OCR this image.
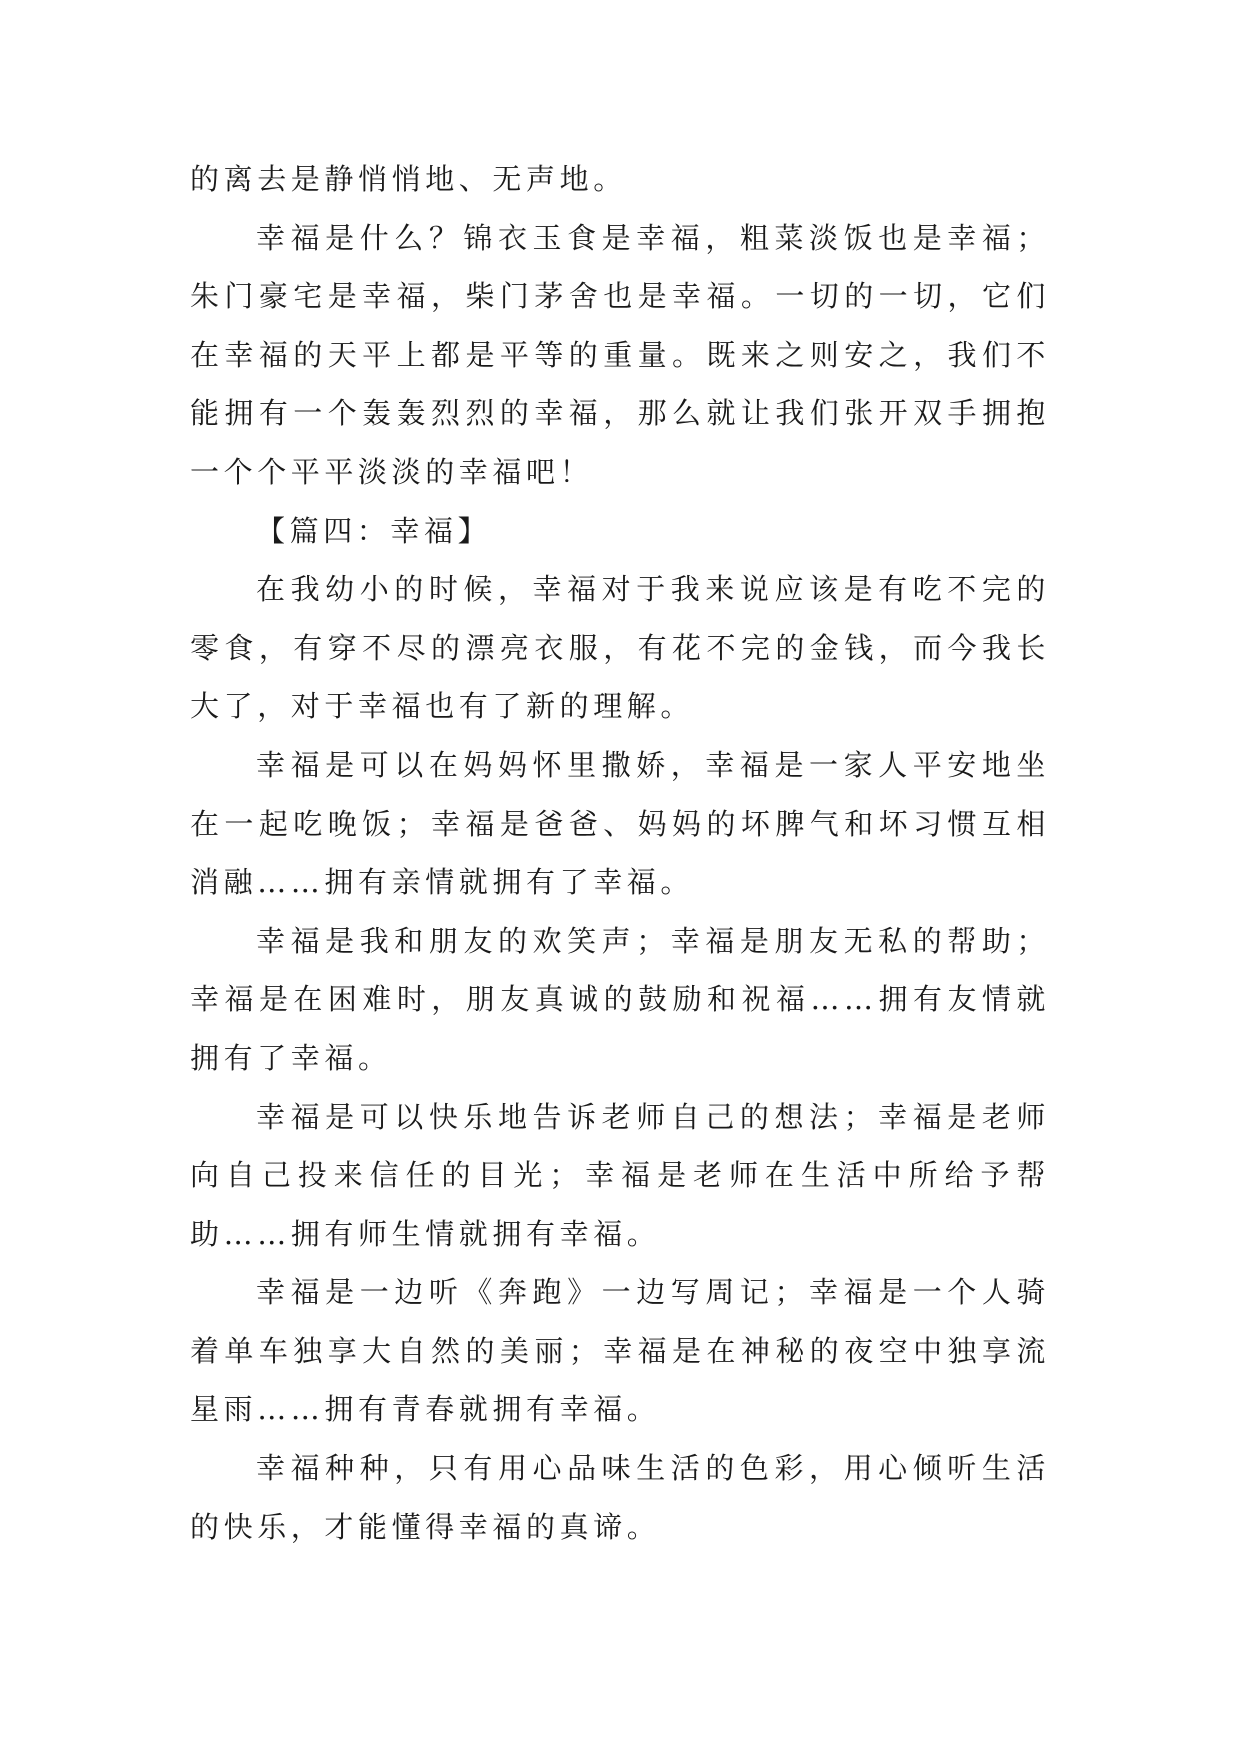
的离去是静悄悄地、无声地。

幸福是什么？锦衣玉食是幸福，粗菜淡饭也是幸福；朱门豪宅是幸福，柴门茅舍也是幸福。一切的一切，它们在幸福的天平上都是平等的重量。既来之则安之，我们不能拥有一个轰轰烈烈的幸福，那么就让我们张开双手拥抱一个个平平淡淡的幸福吧！

【篇四：幸福】

在我幼小的时候，幸福对于我来说应该是有吃不完的零食，有穿不尽的漂亮衣服，有花不完的金钱，而今我长大了，对于幸福也有了新的理解。

幸福是可以在妈妈怀里撒娇，幸福是一家人平安地坐在一起吃晚饭；幸福是爸爸、妈妈的坏脾气和坏习惯互相消融……拥有亲情就拥有了幸福。

幸福是我和朋友的欢笑声；幸福是朋友无私的帮助；幸福是在困难时，朋友真诚的鼓励和祝福……拥有友情就拥有了幸福。

幸福是可以快乐地告诉老师自己的想法；幸福是老师向自己投来信任的目光；幸福是老师在生活中所给予帮助……拥有师生情就拥有幸福。

幸福是一边听《奔跑》一边写周记；幸福是一个人骑着单车独享大自然的美丽；幸福是在神秘的夜空中独享流星雨……拥有青春就拥有幸福。

幸福种种，只有用心品味生活的色彩，用心倾听生活的快乐，才能懂得幸福的真谛。
